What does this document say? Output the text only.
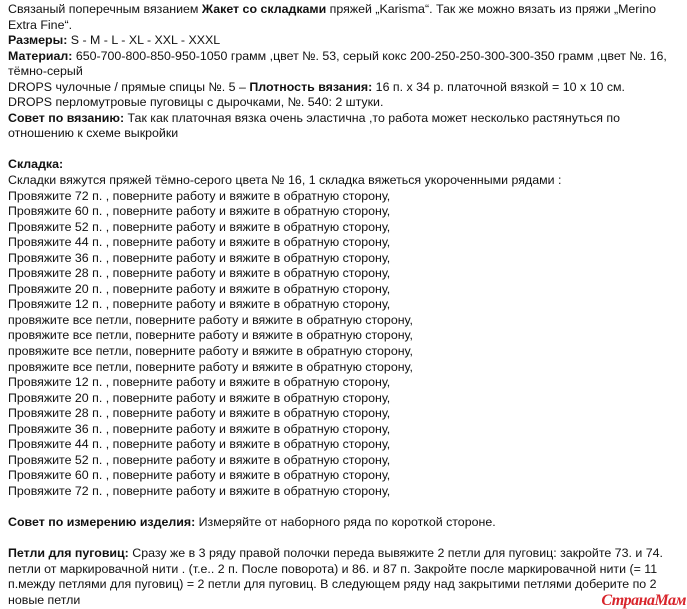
Связаный поперечным вязанием Жакет со складками пряжей „Karisma“. Так же можно вязать из пряжи „Merino Extra Fine“.

Размеры: S - M - L - XL - XXL - XXXL

Материал: 650-700-800-850-950-1050 грамм ,цвет №. 53, серый кокс 200-250-250-300-300-350 грамм ,цвет №. 16, тёмно-серый

DROPS чулочные / прямые спицы №. 5 – Плотность вязания: 16 п. x 34 р. платочной вязкой = 10 x 10 см.

DROPS перломутровые пуговицы с дырочками, №. 540: 2 штуки.

Совет по вязанию: Так как платочная вязка очень эластична ,то работа может несколько растянуться по отношению к схеме выкройки

Складка:

Складки вяжутся пряжей тёмно-серого цвета № 16, 1 складка вяжеться укороченными рядами :

Провяжите 72 п. , поверните работу и вяжите в обратную сторону,

Провяжите 60 п. , поверните работу и вяжите в обратную сторону,

Провяжите 52 п. , поверните работу и вяжите в обратную сторону,

Провяжите 44 п. , поверните работу и вяжите в обратную сторону,

Провяжите 36 п. , поверните работу и вяжите в обратную сторону,

Провяжите 28 п. , поверните работу и вяжите в обратную сторону,

Провяжите 20 п. , поверните работу и вяжите в обратную сторону,

Провяжите 12 п. , поверните работу и вяжите в обратную сторону,

провяжите все петли, поверните работу и вяжите в обратную сторону,

провяжите все петли, поверните работу и вяжите в обратную сторону,

провяжите все петли, поверните работу и вяжите в обратную сторону,

провяжите все петли, поверните работу и вяжите в обратную сторону,

Провяжите 12 п. , поверните работу и вяжите в обратную сторону,

Провяжите 20 п. , поверните работу и вяжите в обратную сторону,

Провяжите 28 п. , поверните работу и вяжите в обратную сторону,

Провяжите 36 п. , поверните работу и вяжите в обратную сторону,

Провяжите 44 п. , поверните работу и вяжите в обратную сторону,

Провяжите 52 п. , поверните работу и вяжите в обратную сторону,

Провяжите 60 п. , поверните работу и вяжите в обратную сторону,

Провяжите 72 п. , поверните работу и вяжите в обратную сторону,

Совет по измерению изделия: Измеряйте от наборного ряда по короткой стороне.

Петли для пуговиц: Сразу же в 3 ряду правой полочки переда вывяжите 2 петли для пуговиц: закройте 73. и 74. петли от маркировачной нити . (т.е.. 2 п. После поворота) и 86. и 87 п. Закройте после маркировачной нити (= 11 п.между петлями для пуговиц) = 2 петли для пуговиц. В следующем ряду над закрытими петлями доберите по 2 новые петли	СтранаМам
